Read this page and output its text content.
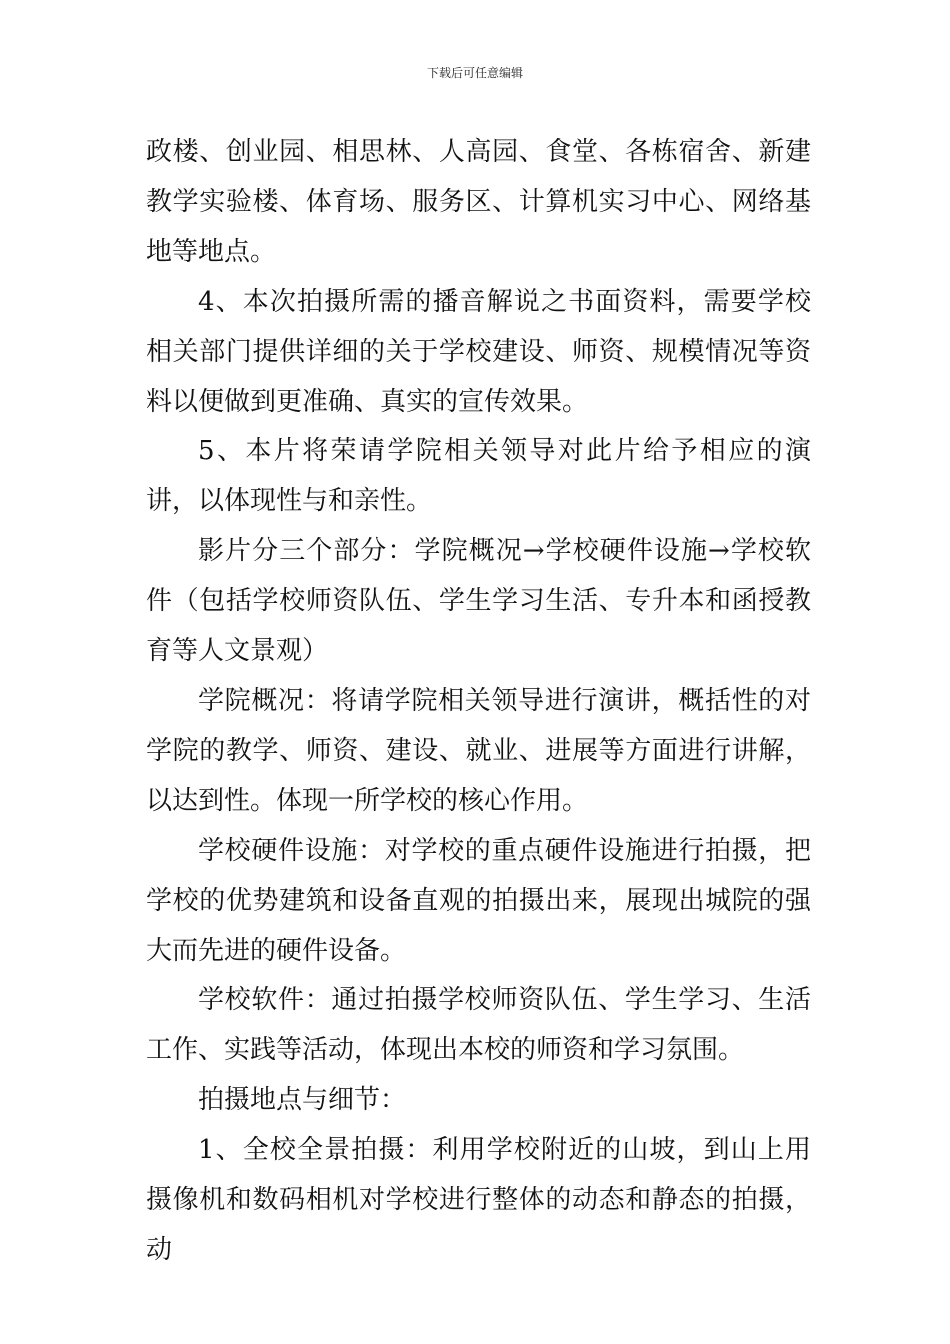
下载后可任意编辑

政楼、创业园、相思林、人高园、食堂、各栋宿舍、新建教学实验楼、体育场、服务区、计算机实习中心、网络基地等地点。

4、本次拍摄所需的播音解说之书面资料，需要学校相关部门提供详细的关于学校建设、师资、规模情况等资料以便做到更准确、真实的宣传效果。

5、本片将荣请学院相关领导对此片给予相应的演讲，以体现性与和亲性。

影片分三个部分：学院概况→学校硬件设施→学校软件（包括学校师资队伍、学生学习生活、专升本和函授教育等人文景观）

学院概况：将请学院相关领导进行演讲，概括性的对学院的教学、师资、建设、就业、进展等方面进行讲解，以达到性。体现一所学校的核心作用。

学校硬件设施：对学校的重点硬件设施进行拍摄，把学校的优势建筑和设备直观的拍摄出来，展现出城院的强大而先进的硬件设备。

学校软件：通过拍摄学校师资队伍、学生学习、生活工作、实践等活动，体现出本校的师资和学习氛围。

拍摄地点与细节：

1、全校全景拍摄：利用学校附近的山坡，到山上用摄像机和数码相机对学校进行整体的动态和静态的拍摄，动
